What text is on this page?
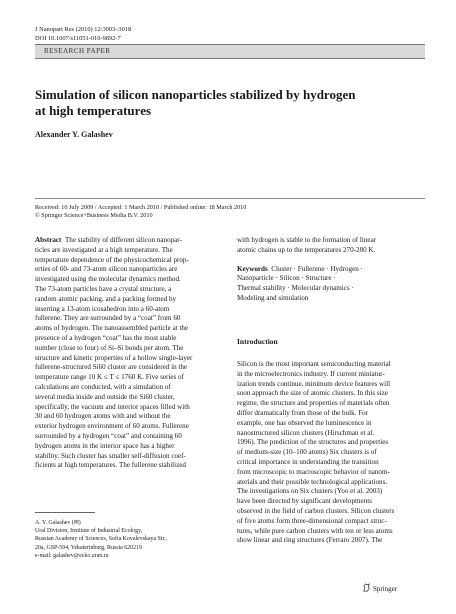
J Nanopart Res (2010) 12:3003–3018
DOI 10.1007/s11051-010-9892-7
RESEARCH PAPER
Simulation of silicon nanoparticles stabilized by hydrogen
at high temperatures
Alexander Y. Galashev
Received: 10 July 2009 / Accepted: 1 March 2010 / Published online: 18 March 2010
© Springer Science+Business Media B.V. 2010
Abstract The stability of different silicon nanopar-
ticles are investigated at a high temperature. The
temperature dependence of the physicochemical prop-
erties of 60- and 73-atom silicon nanoparticles are
investigated using the molecular dynamics method.
The 73-atom particles have a crystal structure, a
random atomic packing, and a packing formed by
inserting a 13-atom icosahedron into a 60-atom
fullerene. They are surrounded by a “coat” from 60
atoms of hydrogen. The nanoassembled particle at the
presence of a hydrogen “coat” has the most stable
number (close to four) of Si–Si bonds per atom. The
structure and kinetic properties of a hollow single-layer
fullerene-structured Si60 cluster are considered in the
temperature range 10 K ≤ T ≤ 1760 K. Five series of
calculations are conducted, with a simulation of
several media inside and outside the Si60 cluster,
specifically, the vacuum and interior spaces filled with
30 and 60 hydrogen atoms with and without the
exterior hydrogen environment of 60 atoms. Fullerene
surrounded by a hydrogen “coat” and containing 60
hydrogen atoms in the interior space has a higher
stability. Such cluster has smaller self-diffusion coef-
ficients at high temperatures. The fullerene stabilized
with hydrogen is stable to the formation of linear
atomic chains up to the temperatures 270-280 K.
Keywords Cluster · Fullerene · Hydrogen ·
Nanoparticle · Silicon · Structure ·
Thermal stability · Molecular dynamics ·
Modeling and simulation
Introduction
Silicon is the most important semiconducting material
in the microelectronics industry. If current miniatur-
ization trends continue, minimum device features will
soon approach the size of atomic clusters. In this size
regime, the structure and properties of materials often
differ dramatically from those of the bulk. For
example, one has observed the luminescence in
nanostructured silicon clusters (Hirschman et al.
1996). The prediction of the structures and properties
of medium-size (10–100 atoms) Six clusters is of
critical importance in understanding the transition
from microscopic to macroscopic behavior of nanom-
aterials and their possible technological applications.
The investigations on Six clusters (Yoo et al. 2003)
have been directed by significant developments
observed in the field of carbon clusters. Silicon clusters
of five atoms form three-dimensional compact struc-
tures, while pure carbon clusters with ten or less atoms
show linear and ring structures (Ferraro 2007). The
A. Y. Galashev (✉)
Ural Division, Institute of Industrial Ecology,
Russian Academy of Sciences, Sofia Kovalevskaya Str.,
20a, GSP-594, Yekaterinburg, Russia 620219
e-mail: galashev@ecko.uran.ru
Springer
